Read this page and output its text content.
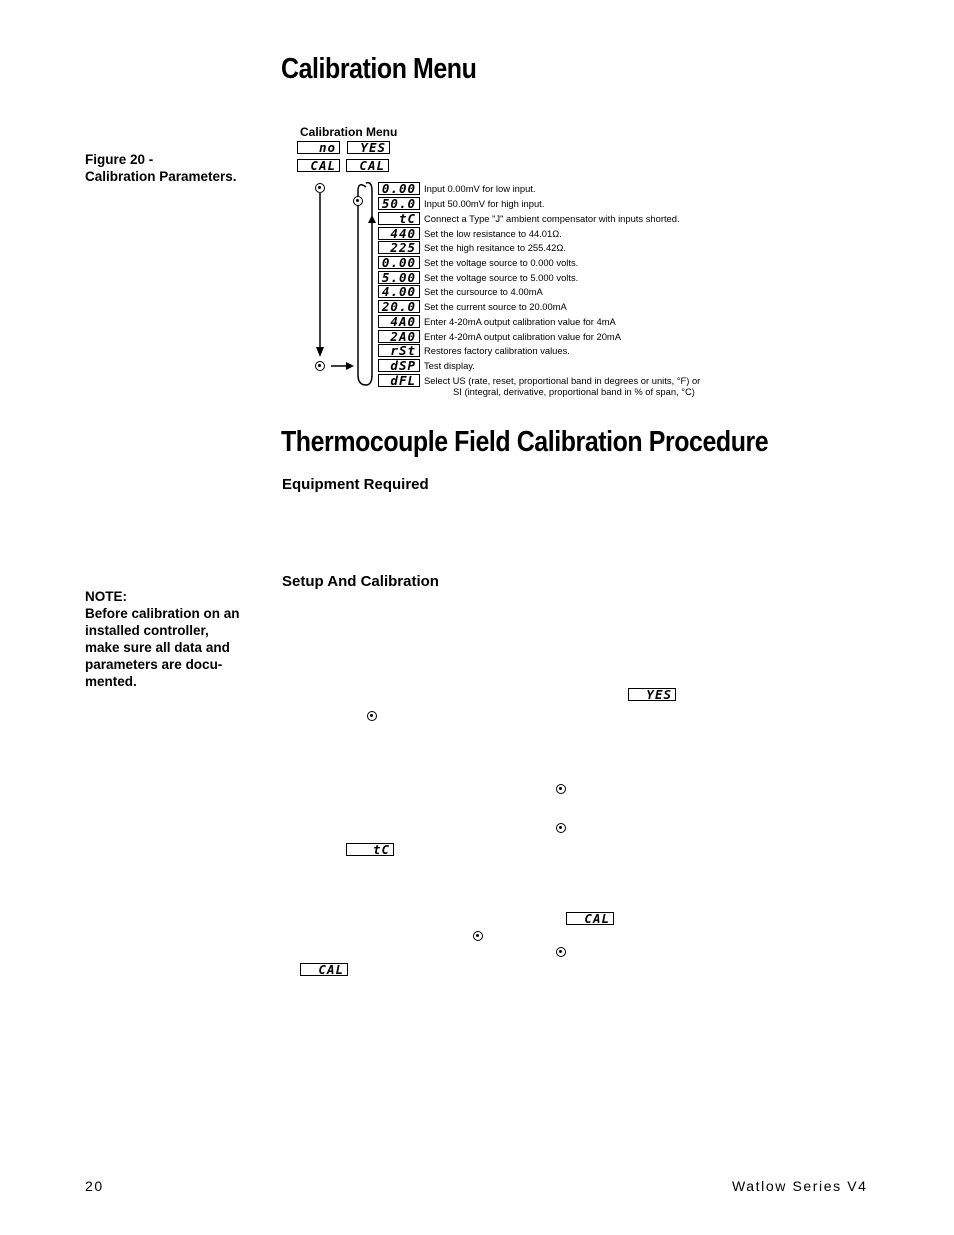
Calibration Menu
Thermocouple Field Calibration Procedure
Equipment Required
Setup And Calibration
Figure 20 -
Calibration Parameters.
NOTE:
Before calibration on an
installed controller,
make sure all data and
parameters are docu-
mented.
Calibration Menu
no YES
CAL CAL
0.00 Input 0.00mV for low input.
50.0 Input 50.00mV for high input.
tC Connect a Type "J" ambient compensator with inputs shorted.
440 Set the low resistance to 44.01Ω.
225 Set the high resitance to 255.42Ω.
0.00 Set the voltage source to 0.000 volts.
5.00 Set the voltage source to 5.000 volts.
4.00 Set the cursource to 4.00mA
20.0 Set the current source to 20.00mA
4A0 Enter 4-20mA output calibration value for 4mA
2A0 Enter 4-20mA output calibration value for 20mA
rSt Restores factory calibration values.
dSP Test display.
dFL Select US (rate, reset, proportional band in degrees or units, °F) or
SI (integral, derivative, proportional band in % of span, °C)
YES
tC
CAL
CAL
20	Watlow Series V4
